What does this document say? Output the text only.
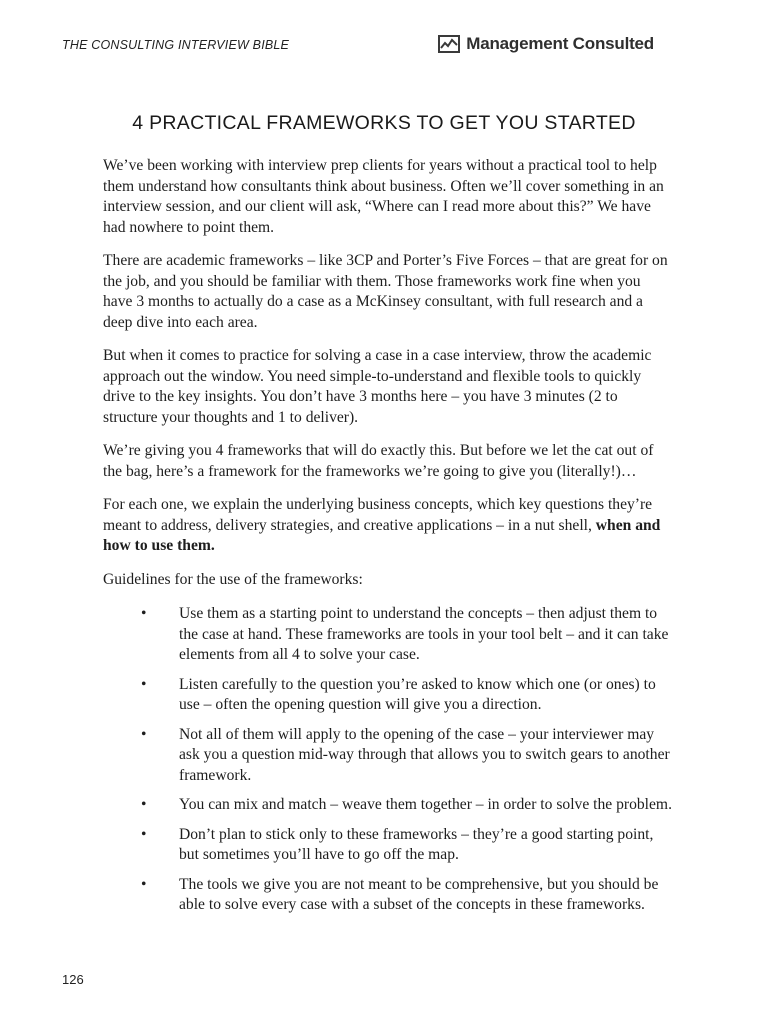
THE CONSULTING INTERVIEW BIBLE	Management Consulted
4 PRACTICAL FRAMEWORKS TO GET YOU STARTED

We’ve been working with interview prep clients for years without a practical tool to help them understand how consultants think about business. Often we’ll cover something in an interview session, and our client will ask, “Where can I read more about this?” We have had nowhere to point them.

There are academic frameworks – like 3CP and Porter’s Five Forces – that are great for on the job, and you should be familiar with them. Those frameworks work fine when you have 3 months to actually do a case as a McKinsey consultant, with full research and a deep dive into each area.

But when it comes to practice for solving a case in a case interview, throw the academic approach out the window. You need simple-to-understand and flexible tools to quickly drive to the key insights. You don’t have 3 months here – you have 3 minutes (2 to structure your thoughts and 1 to deliver).

We’re giving you 4 frameworks that will do exactly this. But before we let the cat out of the bag, here’s a framework for the frameworks we’re going to give you (literally!)…

For each one, we explain the underlying business concepts, which key questions they’re meant to address, delivery strategies, and creative applications – in a nut shell, when and how to use them.

Guidelines for the use of the frameworks:

• Use them as a starting point to understand the concepts – then adjust them to the case at hand. These frameworks are tools in your tool belt – and it can take elements from all 4 to solve your case.
• Listen carefully to the question you’re asked to know which one (or ones) to use – often the opening question will give you a direction.
• Not all of them will apply to the opening of the case – your interviewer may ask you a question mid-way through that allows you to switch gears to another framework.
• You can mix and match – weave them together – in order to solve the problem.
• Don’t plan to stick only to these frameworks – they’re a good starting point, but sometimes you’ll have to go off the map.
• The tools we give you are not meant to be comprehensive, but you should be able to solve every case with a subset of the concepts in these frameworks.
126
